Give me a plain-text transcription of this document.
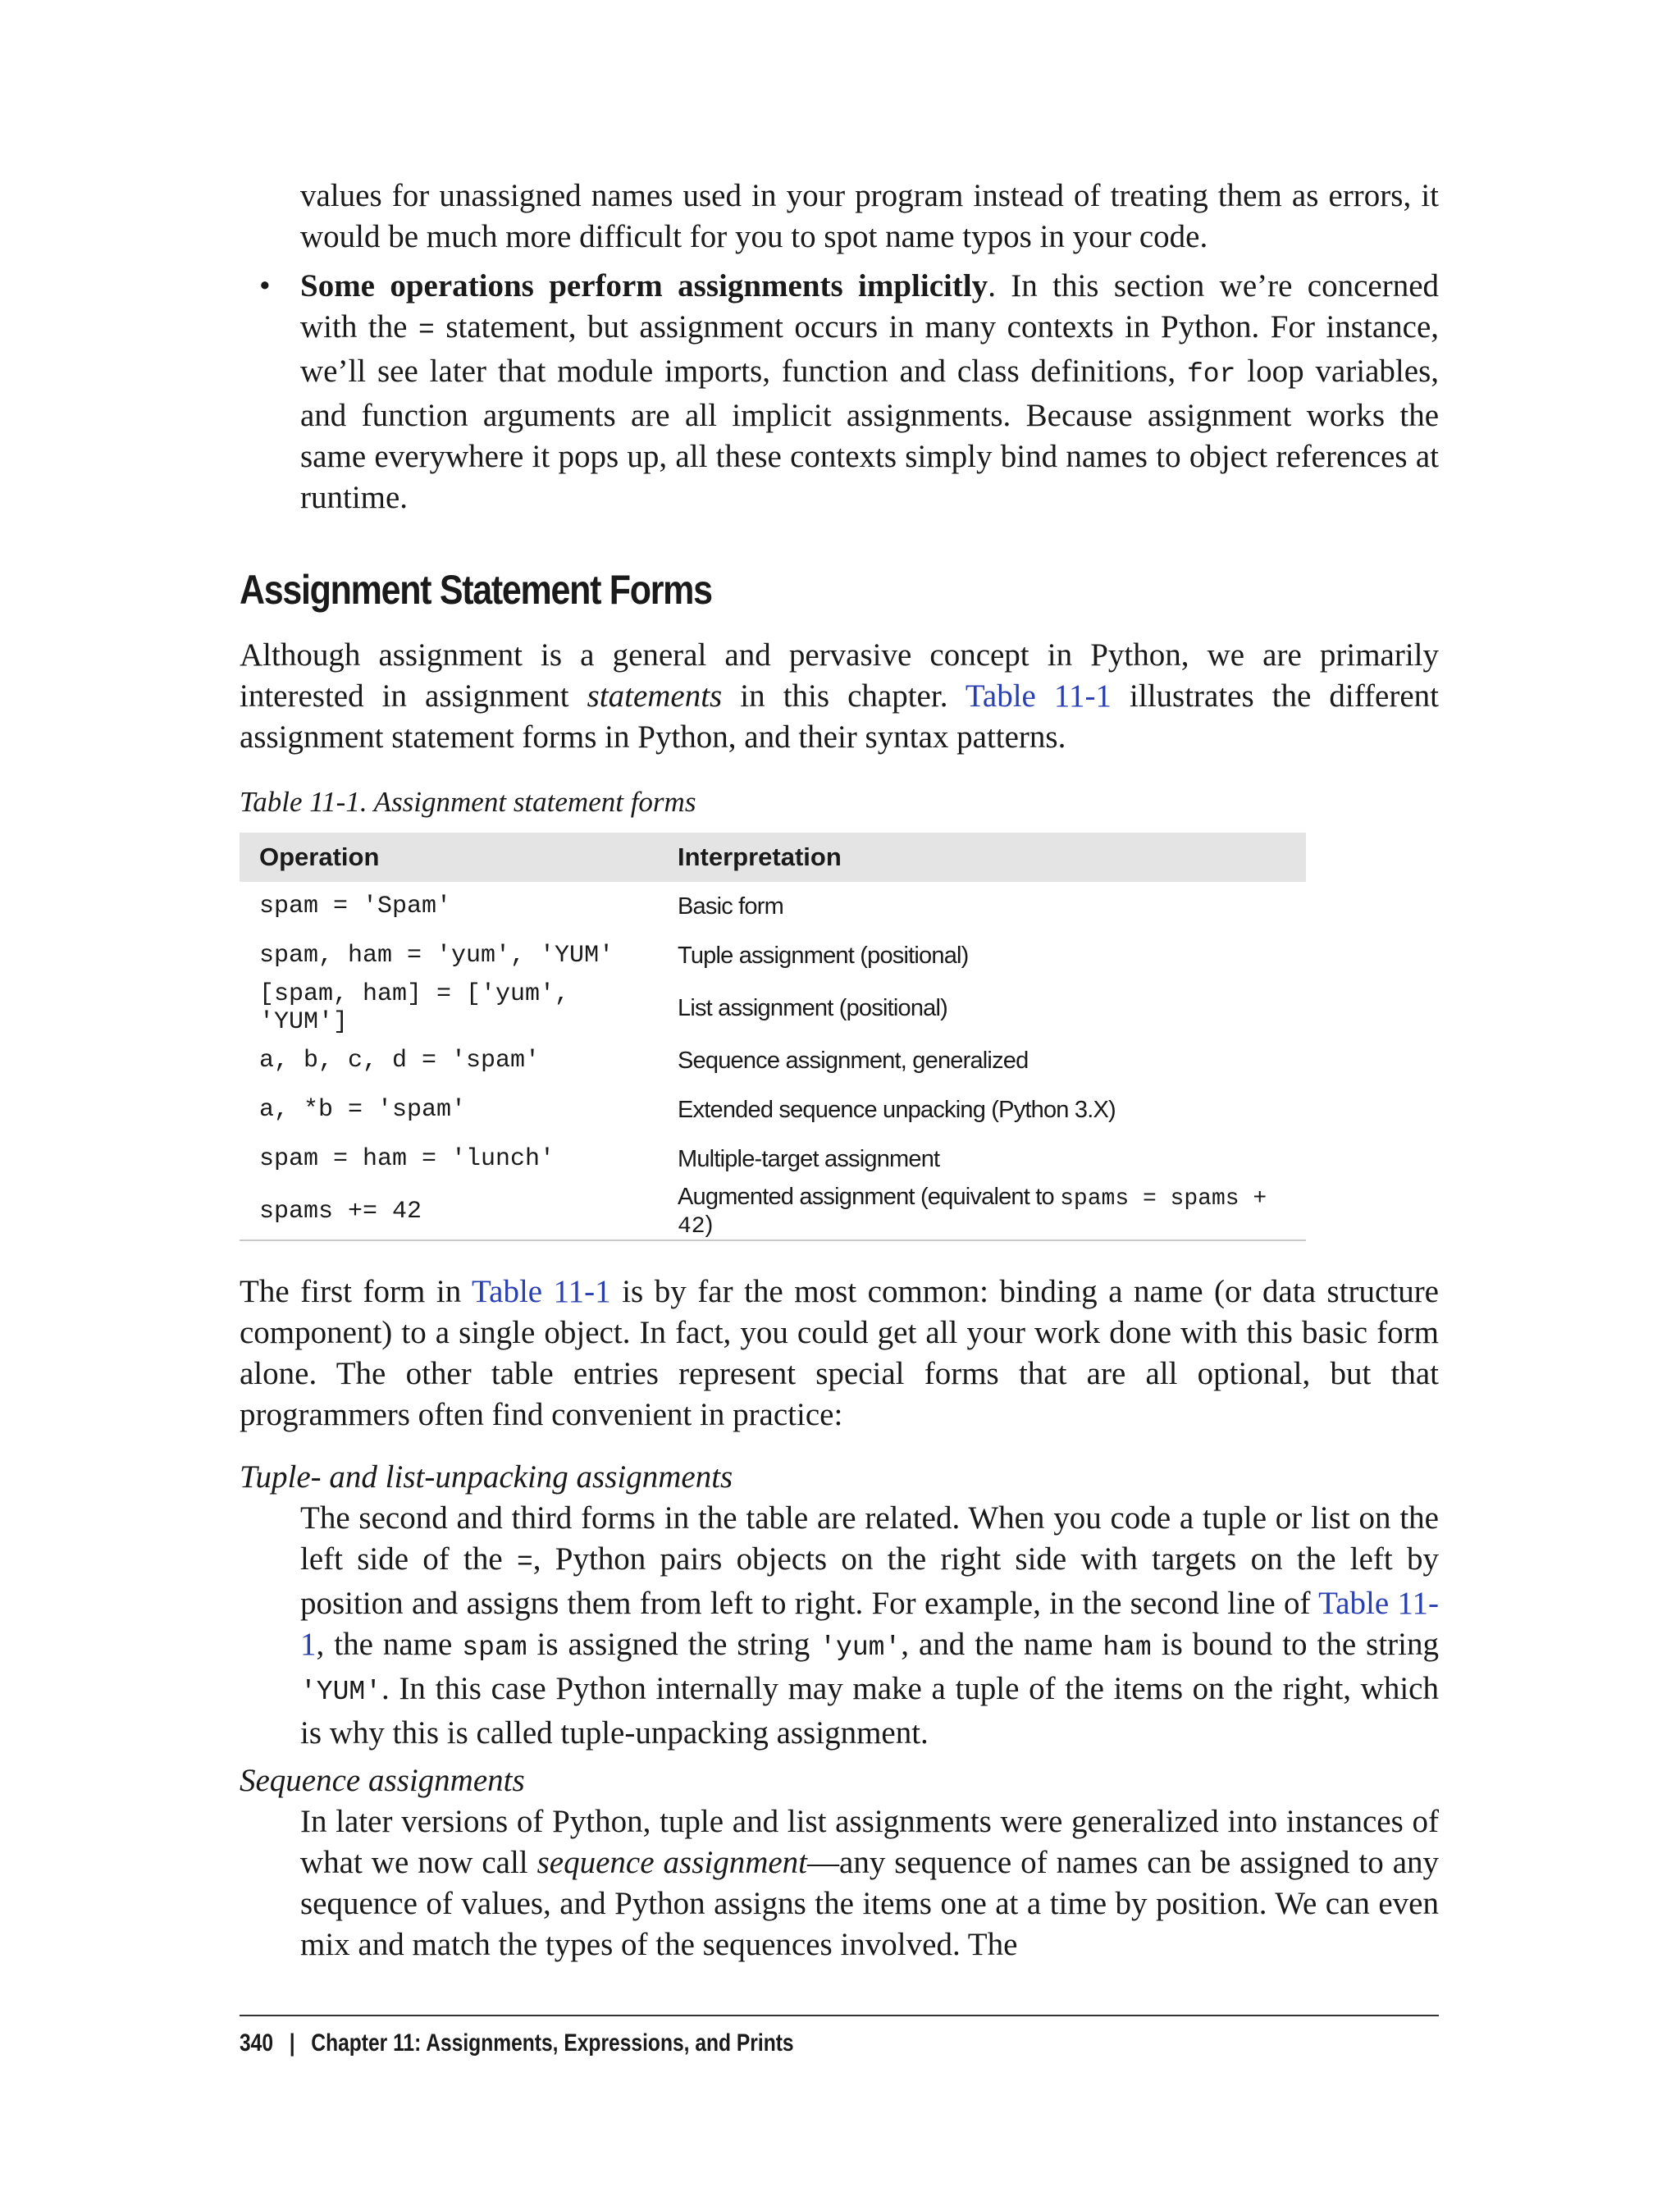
values for unassigned names used in your program instead of treating them as errors, it would be much more difficult for you to spot name typos in your code.

• Some operations perform assignments implicitly. In this section we’re concerned with the = statement, but assignment occurs in many contexts in Python. For instance, we’ll see later that module imports, function and class definitions, for loop variables, and function arguments are all implicit assignments. Because assignment works the same everywhere it pops up, all these contexts simply bind names to object references at runtime.

Assignment Statement Forms

Although assignment is a general and pervasive concept in Python, we are primarily interested in assignment statements in this chapter. Table 11-1 illustrates the different assignment statement forms in Python, and their syntax patterns.

Table 11-1. Assignment statement forms
Operation	Interpretation
spam = 'Spam'	Basic form
spam, ham = 'yum', 'YUM'	Tuple assignment (positional)
[spam, ham] = ['yum', 'YUM']	List assignment (positional)
a, b, c, d = 'spam'	Sequence assignment, generalized
a, *b = 'spam'	Extended sequence unpacking (Python 3.X)
spam = ham = 'lunch'	Multiple-target assignment
spams += 42	Augmented assignment (equivalent to spams = spams + 42)

The first form in Table 11-1 is by far the most common: binding a name (or data structure component) to a single object. In fact, you could get all your work done with this basic form alone. The other table entries represent special forms that are all optional, but that programmers often find convenient in practice:

Tuple- and list-unpacking assignments

The second and third forms in the table are related. When you code a tuple or list on the left side of the =, Python pairs objects on the right side with targets on the left by position and assigns them from left to right. For example, in the second line of Table 11-1, the name spam is assigned the string 'yum', and the name ham is bound to the string 'YUM'. In this case Python internally may make a tuple of the items on the right, which is why this is called tuple-unpacking assignment.

Sequence assignments

In later versions of Python, tuple and list assignments were generalized into instances of what we now call sequence assignment—any sequence of names can be assigned to any sequence of values, and Python assigns the items one at a time by position. We can even mix and match the types of the sequences involved. The

340 | Chapter 11: Assignments, Expressions, and Prints
